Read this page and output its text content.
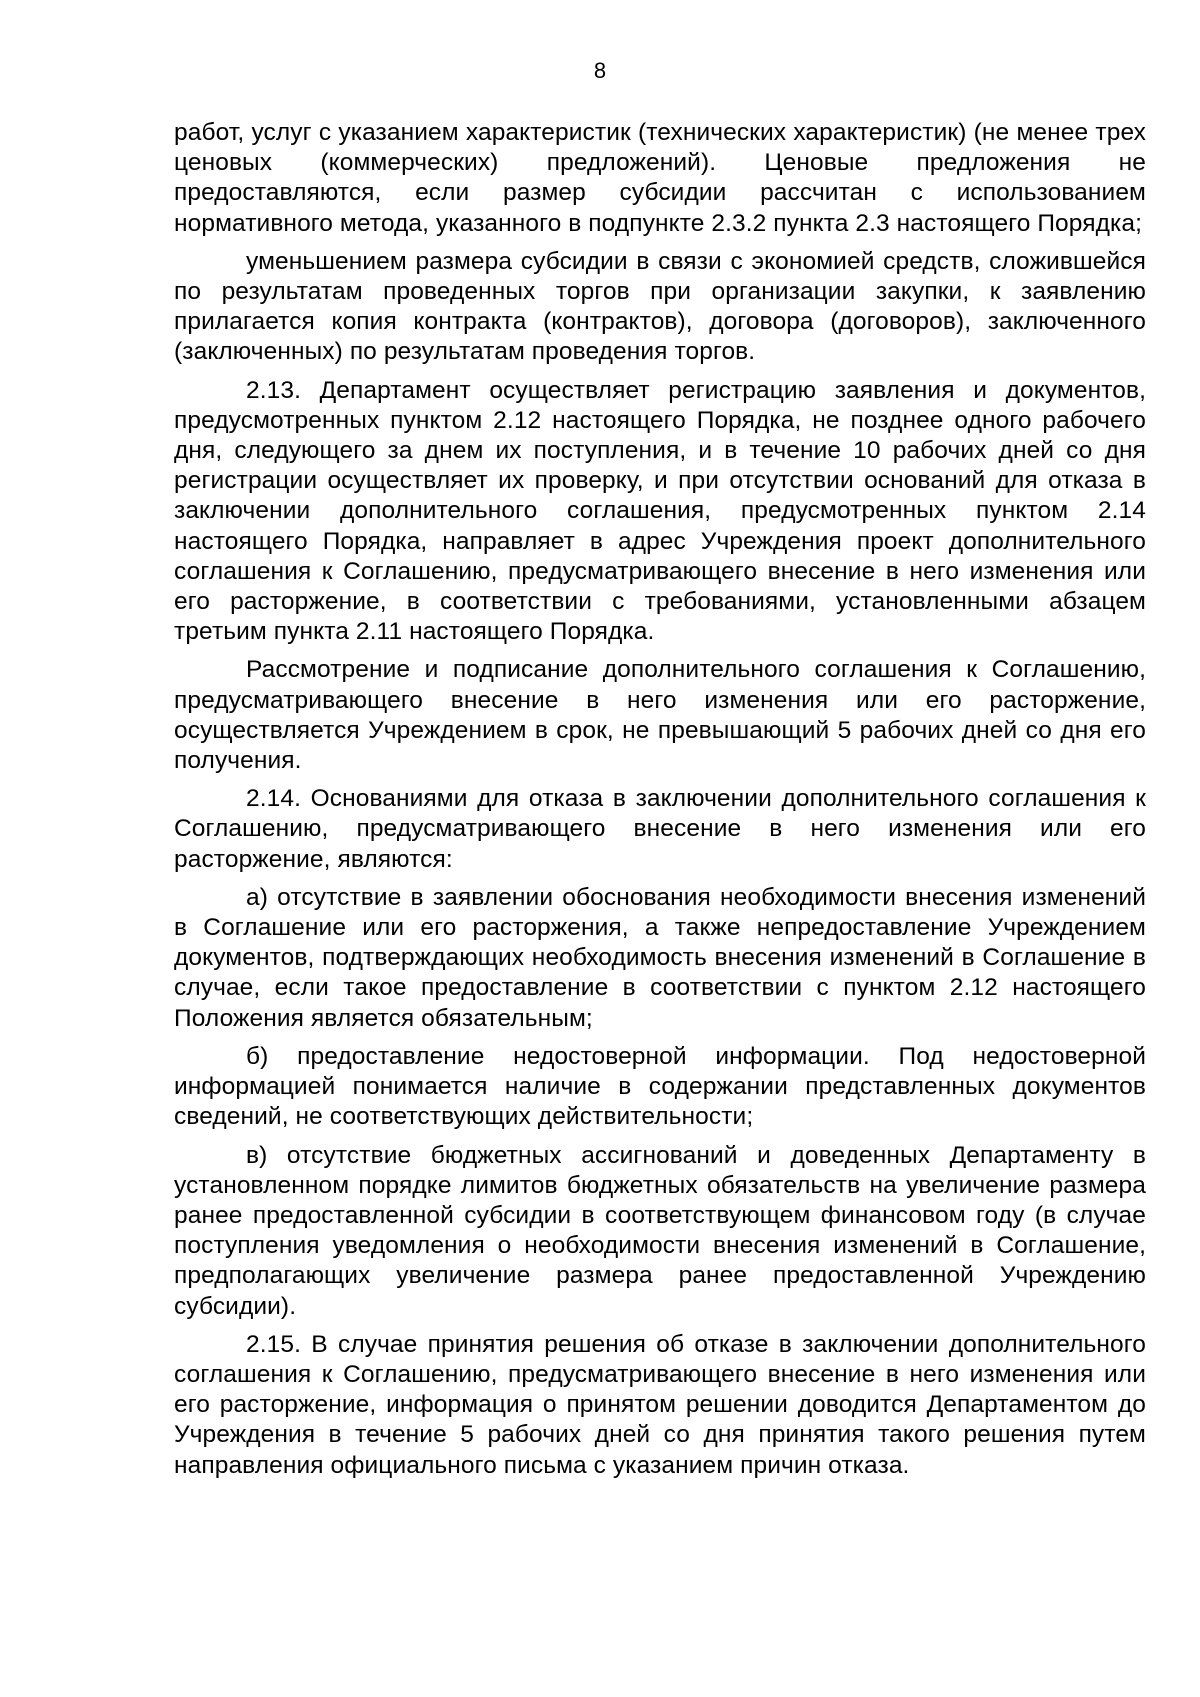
8

работ, услуг с указанием характеристик (технических характеристик) (не менее трех ценовых (коммерческих) предложений). Ценовые предложения не предоставляются, если размер субсидии рассчитан с использованием нормативного метода, указанного в подпункте 2.3.2 пункта 2.3 настоящего Порядка;

уменьшением размера субсидии в связи с экономией средств, сложившейся по результатам проведенных торгов при организации закупки, к заявлению прилагается копия контракта (контрактов), договора (договоров), заключенного (заключенных) по результатам проведения торгов.

2.13. Департамент осуществляет регистрацию заявления и документов, предусмотренных пунктом 2.12 настоящего Порядка, не позднее одного рабочего дня, следующего за днем их поступления, и в течение 10 рабочих дней со дня регистрации осуществляет их проверку, и при отсутствии оснований для отказа в заключении дополнительного соглашения, предусмотренных пунктом 2.14 настоящего Порядка, направляет в адрес Учреждения проект дополнительного соглашения к Соглашению, предусматривающего внесение в него изменения или его расторжение, в соответствии с требованиями, установленными абзацем третьим пункта 2.11 настоящего Порядка.

Рассмотрение и подписание дополнительного соглашения к Соглашению, предусматривающего внесение в него изменения или его расторжение, осуществляется Учреждением в срок, не превышающий 5 рабочих дней со дня его получения.

2.14. Основаниями для отказа в заключении дополнительного соглашения к Соглашению, предусматривающего внесение в него изменения или его расторжение, являются:

а) отсутствие в заявлении обоснования необходимости внесения изменений в Соглашение или его расторжения, а также непредоставление Учреждением документов, подтверждающих необходимость внесения изменений в Соглашение в случае, если такое предоставление в соответствии с пунктом 2.12 настоящего Положения является обязательным;

б) предоставление недостоверной информации. Под недостоверной информацией понимается наличие в содержании представленных документов сведений, не соответствующих действительности;

в) отсутствие бюджетных ассигнований и доведенных Департаменту в установленном порядке лимитов бюджетных обязательств на увеличение размера ранее предоставленной субсидии в соответствующем финансовом году (в случае поступления уведомления о необходимости внесения изменений в Соглашение, предполагающих увеличение размера ранее предоставленной Учреждению субсидии).

2.15. В случае принятия решения об отказе в заключении дополнительного соглашения к Соглашению, предусматривающего внесение в него изменения или его расторжение, информация о принятом решении доводится Департаментом до Учреждения в течение 5 рабочих дней со дня принятия такого решения путем направления официального письма с указанием причин отказа.
